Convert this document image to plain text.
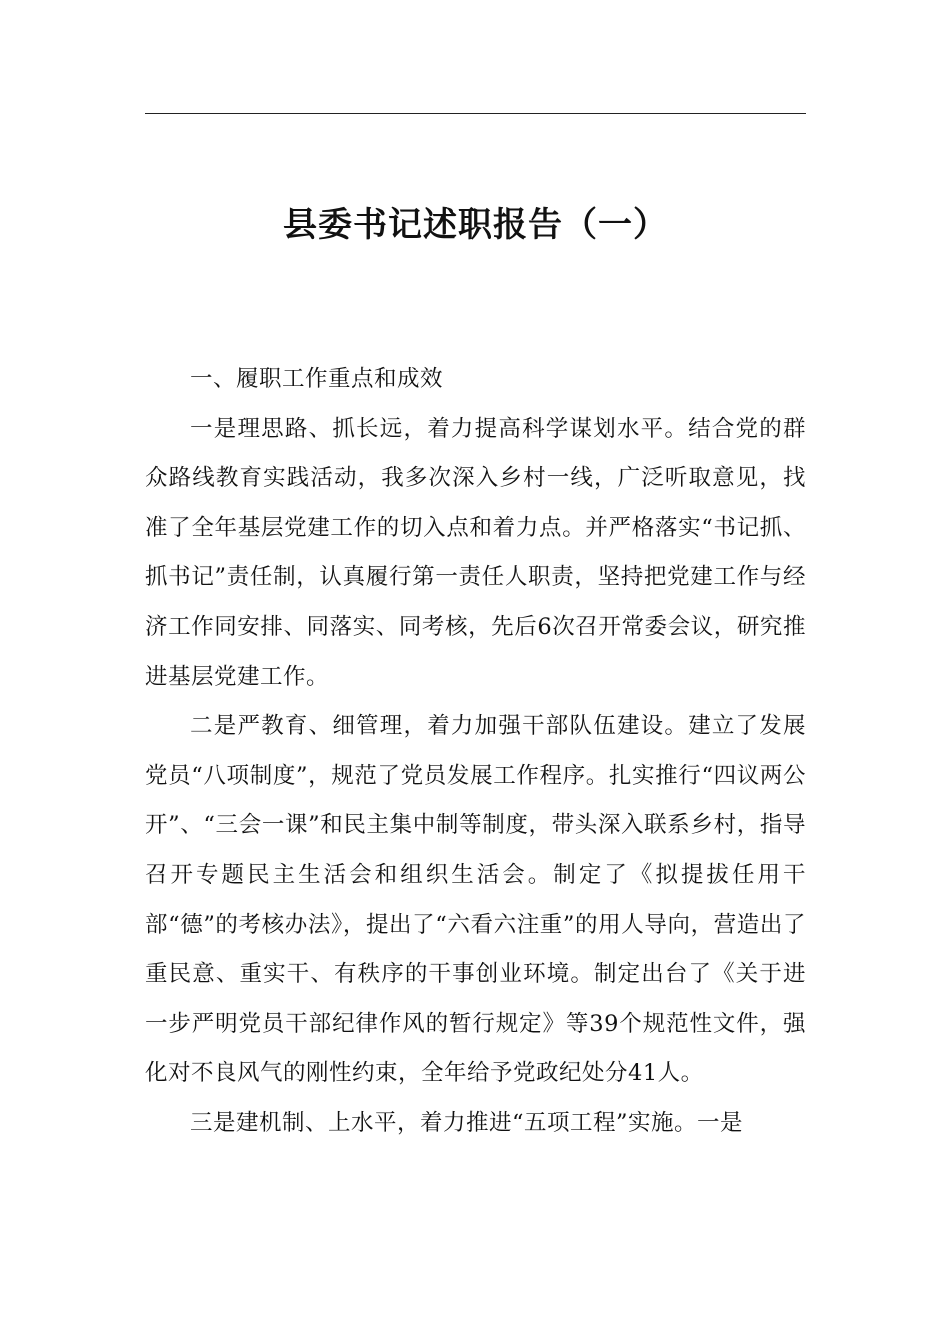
县委书记述职报告（一）

一、履职工作重点和成效

一是理思路、抓长远，着力提高科学谋划水平。结合党的群众路线教育实践活动，我多次深入乡村一线，广泛听取意见，找准了全年基层党建工作的切入点和着力点。并严格落实“书记抓、抓书记”责任制，认真履行第一责任人职责，坚持把党建工作与经济工作同安排、同落实、同考核，先后6次召开常委会议，研究推进基层党建工作。

二是严教育、细管理，着力加强干部队伍建设。建立了发展党员“八项制度”，规范了党员发展工作程序。扎实推行“四议两公开”、“三会一课”和民主集中制等制度，带头深入联系乡村，指导召开专题民主生活会和组织生活会。制定了《拟提拔任用干部“德”的考核办法》，提出了“六看六注重”的用人导向，营造出了重民意、重实干、有秩序的干事创业环境。制定出台了《关于进一步严明党员干部纪律作风的暂行规定》等39个规范性文件，强化对不良风气的刚性约束，全年给予党政纪处分41人。

三是建机制、上水平，着力推进“五项工程”实施。一是
